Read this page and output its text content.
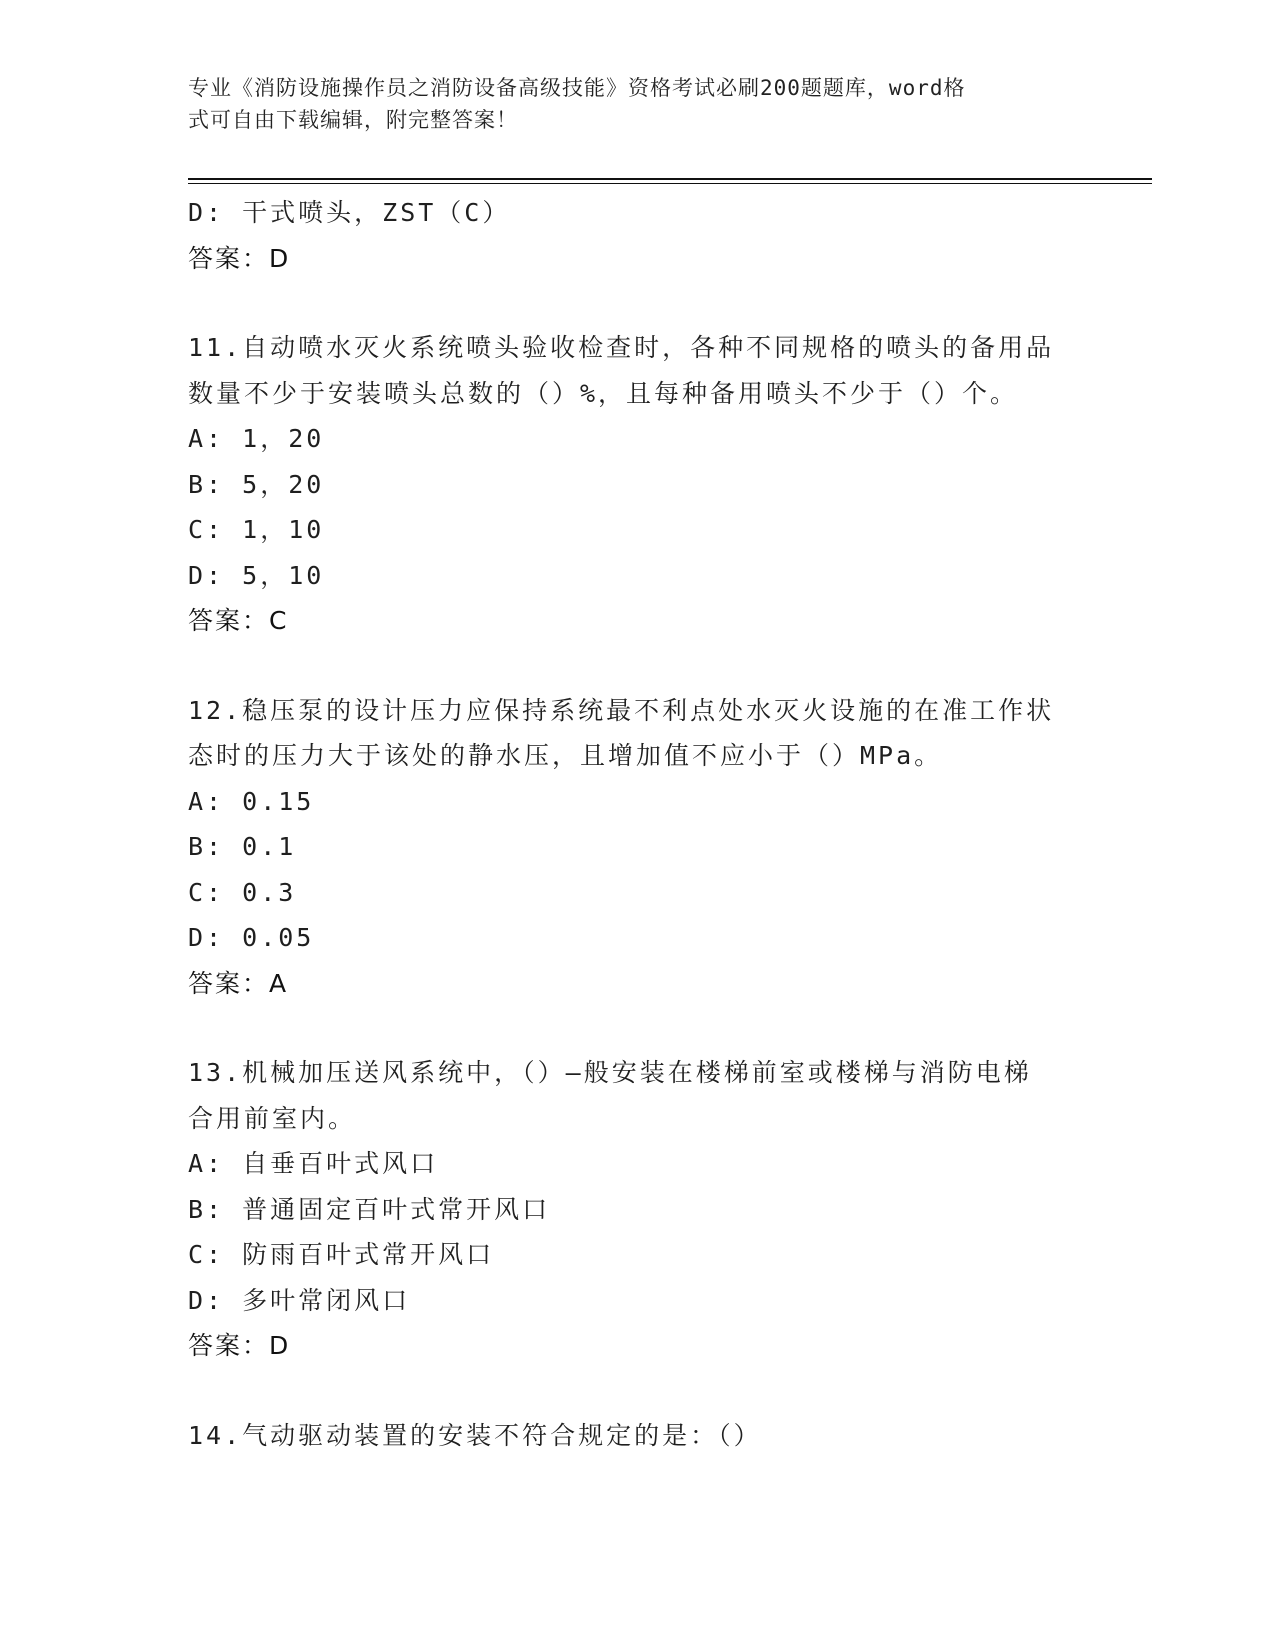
专业《消防设施操作员之消防设备高级技能》资格考试必刷200题题库，word格
式可自由下载编辑，附完整答案！
D: 干式喷头，ZST（C）
答案：D
11.自动喷水灭火系统喷头验收检查时，各种不同规格的喷头的备用品
数量不少于安装喷头总数的（）%，且每种备用喷头不少于（）个。
A: 1，20
B: 5，20
C: 1，10
D: 5，10
答案：C
12.稳压泵的设计压力应保持系统最不利点处水灭火设施的在准工作状
态时的压力大于该处的静水压，且增加值不应小于（）MPa。
A: 0.15
B: 0.1
C: 0.3
D: 0.05
答案：A
13.机械加压送风系统中，（）—般安装在楼梯前室或楼梯与消防电梯
合用前室内。
A: 自垂百叶式风口
B: 普通固定百叶式常开风口
C: 防雨百叶式常开风口
D: 多叶常闭风口
答案：D
14.气动驱动装置的安装不符合规定的是：（）
